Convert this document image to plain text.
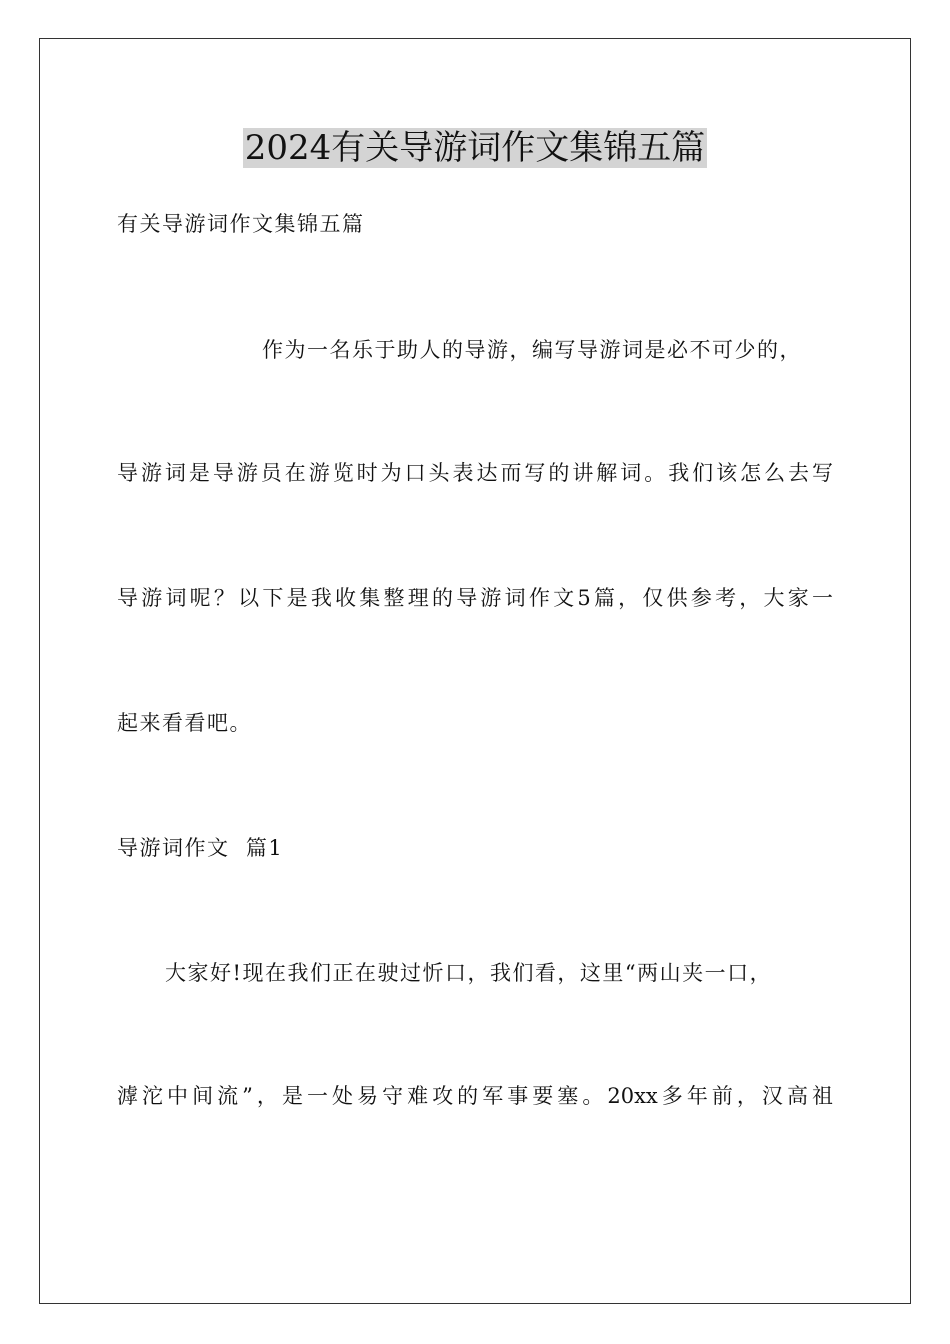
2024有关导游词作文集锦五篇
有关导游词作文集锦五篇
作为一名乐于助人的导游，编写导游词是必不可少的，
导游词是导游员在游览时为口头表达而写的讲解词。我们该怎么去写
导游词呢？以下是我收集整理的导游词作文5篇，仅供参考，大家一
起来看看吧。
导游词作文  篇1
大家好!现在我们正在驶过忻口，我们看，这里“两山夹一口，
滹沱中间流”，是一处易守难攻的军事要塞。20xx多年前，汉高祖
